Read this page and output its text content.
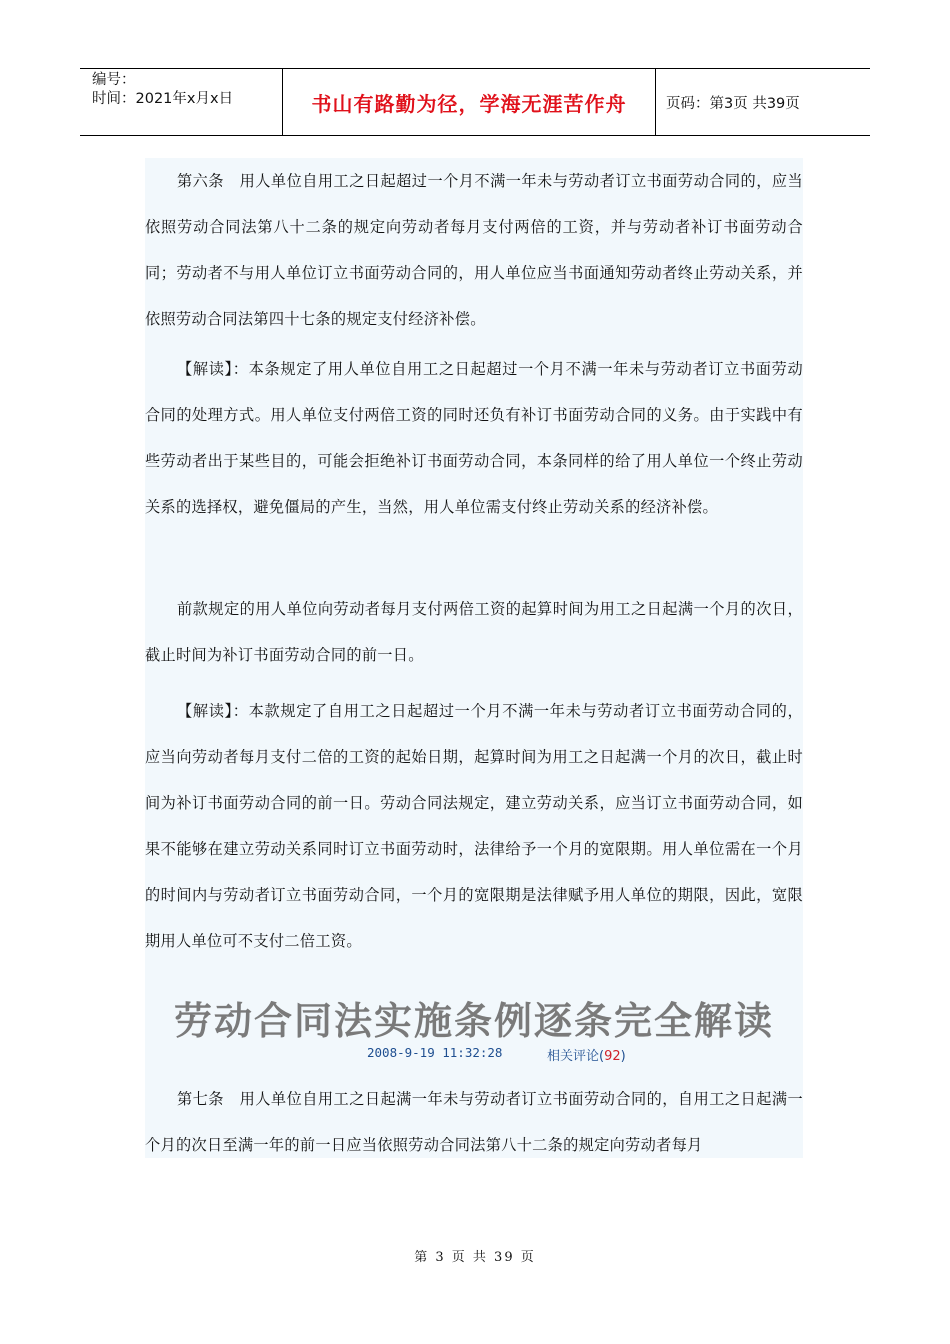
编号：
时间：2021年x月x日	书山有路勤为径，学海无涯苦作舟	页码：第3页 共39页

第六条　用人单位自用工之日起超过一个月不满一年未与劳动者订立书面劳动合同的，应当依照劳动合同法第八十二条的规定向劳动者每月支付两倍的工资，并与劳动者补订书面劳动合同；劳动者不与用人单位订立书面劳动合同的，用人单位应当书面通知劳动者终止劳动关系，并依照劳动合同法第四十七条的规定支付经济补偿。

【解读】：本条规定了用人单位自用工之日起超过一个月不满一年未与劳动者订立书面劳动合同的处理方式。用人单位支付两倍工资的同时还负有补订书面劳动合同的义务。由于实践中有些劳动者出于某些目的，可能会拒绝补订书面劳动合同，本条同样的给了用人单位一个终止劳动关系的选择权，避免僵局的产生，当然，用人单位需支付终止劳动关系的经济补偿。

前款规定的用人单位向劳动者每月支付两倍工资的起算时间为用工之日起满一个月的次日，截止时间为补订书面劳动合同的前一日。

【解读】：本款规定了自用工之日起超过一个月不满一年未与劳动者订立书面劳动合同的，应当向劳动者每月支付二倍的工资的起始日期，起算时间为用工之日起满一个月的次日，截止时间为补订书面劳动合同的前一日。劳动合同法规定，建立劳动关系，应当订立书面劳动合同，如果不能够在建立劳动关系同时订立书面劳动时，法律给予一个月的宽限期。用人单位需在一个月的时间内与劳动者订立书面劳动合同，一个月的宽限期是法律赋予用人单位的期限，因此，宽限期用人单位可不支付二倍工资。

劳动合同法实施条例逐条完全解读
2008-9-19 11:32:28	相关评论(92)

第七条　用人单位自用工之日起满一年未与劳动者订立书面劳动合同的，自用工之日起满一个月的次日至满一年的前一日应当依照劳动合同法第八十二条的规定向劳动者每月

第 3 页 共 39 页
